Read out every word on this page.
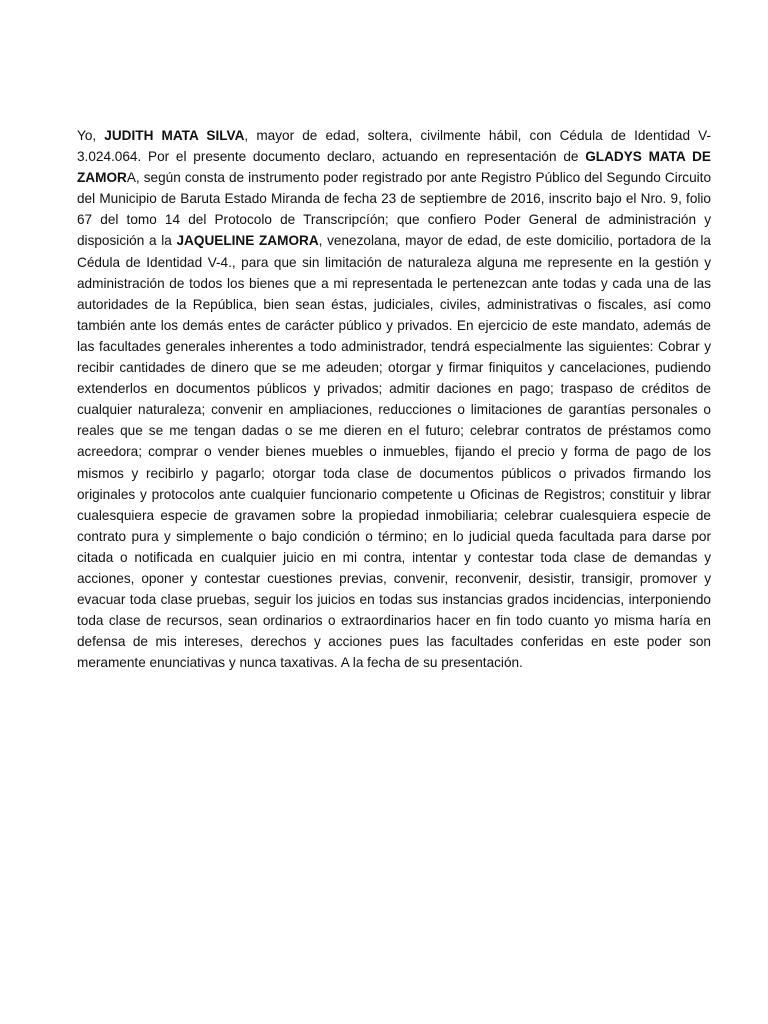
Yo, JUDITH MATA SILVA, mayor de edad, soltera, civilmente hábil, con Cédula de Identidad V-3.024.064. Por el presente documento declaro, actuando en representación de GLADYS MATA DE ZAMORA, según consta de instrumento poder registrado por ante Registro Público del Segundo Circuito del Municipio de Baruta Estado Miranda de fecha 23 de septiembre de 2016, inscrito bajo el Nro. 9, folio 67 del tomo 14 del Protocolo de Transcripcíón; que confiero Poder General de administración y disposición a la JAQUELINE ZAMORA, venezolana, mayor de edad, de este domicilio, portadora de la Cédula de Identidad V-4., para que sin limitación de naturaleza alguna me represente en la gestión y administración de todos los bienes que a mi representada le pertenezcan ante todas y cada una de las autoridades de la República, bien sean éstas, judiciales, civiles, administrativas o fiscales, así como también ante los demás entes de carácter público y privados. En ejercicio de este mandato, además de las facultades generales inherentes a todo administrador, tendrá especialmente las siguientes: Cobrar y recibir cantidades de dinero que se me adeuden; otorgar y firmar finiquitos y cancelaciones, pudiendo extenderlos en documentos públicos y privados; admitir daciones en pago; traspaso de créditos de cualquier naturaleza; convenir en ampliaciones, reducciones o limitaciones de garantías personales o reales que se me tengan dadas o se me dieren en el futuro; celebrar contratos de préstamos como acreedora; comprar o vender bienes muebles o inmuebles, fijando el precio y forma de pago de los mismos y recibirlo y pagarlo; otorgar toda clase de documentos públicos o privados firmando los originales y protocolos ante cualquier funcionario competente u Oficinas de Registros; constituir y librar cualesquiera especie de gravamen sobre la propiedad inmobiliaria; celebrar cualesquiera especie de contrato pura y simplemente o bajo condición o término; en lo judicial queda facultada para darse por citada o notificada en cualquier juicio en mi contra, intentar y contestar toda clase de demandas y acciones, oponer y contestar cuestiones previas, convenir, reconvenir, desistir, transigir, promover y evacuar toda clase pruebas, seguir los juicios en todas sus instancias grados incidencias, interponiendo toda clase de recursos, sean ordinarios o extraordinarios hacer en fin todo cuanto yo misma haría en defensa de mis intereses, derechos y acciones pues las facultades conferidas en este poder son meramente enunciativas y nunca taxativas. A la fecha de su presentación.
